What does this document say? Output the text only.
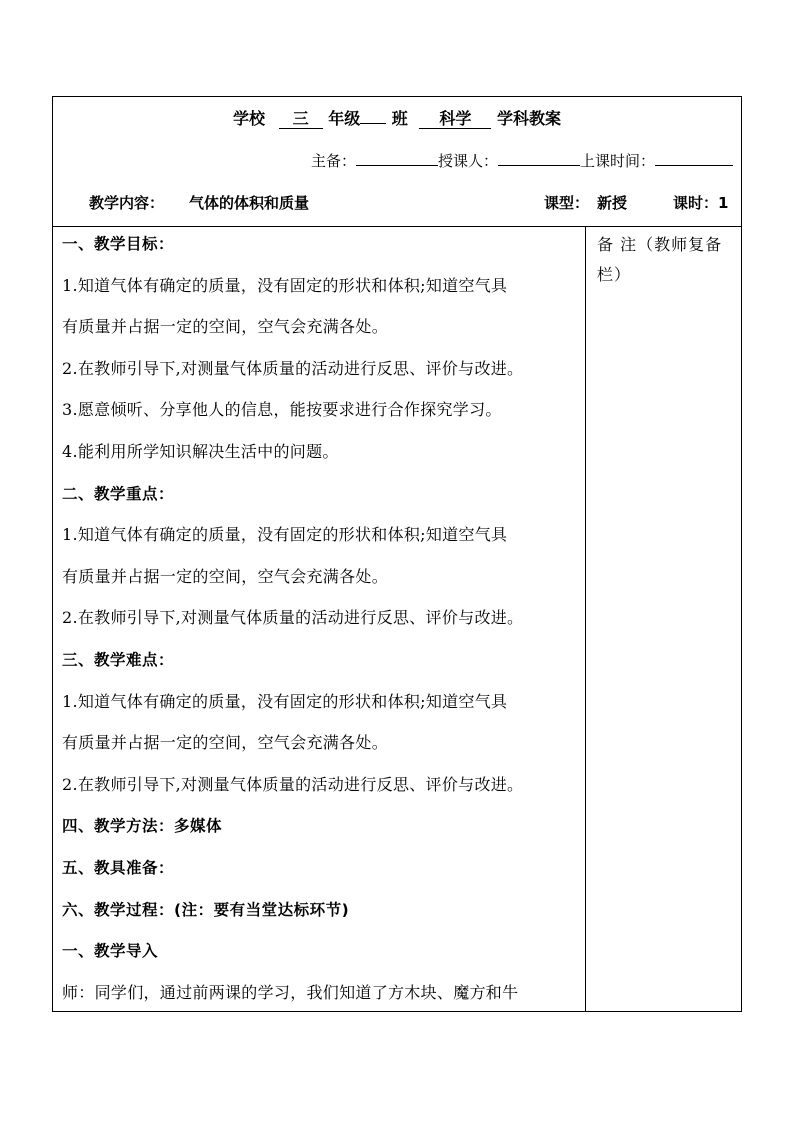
学校 三 年级 班 科学 学科教案
主备：	授课人：	上课时间：
教学内容： 气体的体积和质量	课型： 新授	课时：1
一、教学目标：
1.知道气体有确定的质量，没有固定的形状和体积;知道空气具
有质量并占据一定的空间，空气会充满各处。
2.在教师引导下,对测量气体质量的活动进行反思、评价与改进。
3.愿意倾听、分享他人的信息，能按要求进行合作探究学习。
4.能利用所学知识解决生活中的问题。
二、教学重点：
1.知道气体有确定的质量，没有固定的形状和体积;知道空气具
有质量并占据一定的空间，空气会充满各处。
2.在教师引导下,对测量气体质量的活动进行反思、评价与改进。
三、教学难点：
1.知道气体有确定的质量，没有固定的形状和体积;知道空气具
有质量并占据一定的空间，空气会充满各处。
2.在教师引导下,对测量气体质量的活动进行反思、评价与改进。
四、教学方法：多媒体
五、教具准备：
六、教学过程：(注：要有当堂达标环节)
一、教学导入
师：同学们，通过前两课的学习，我们知道了方木块、魔方和牛
备 注（教师复备栏）
